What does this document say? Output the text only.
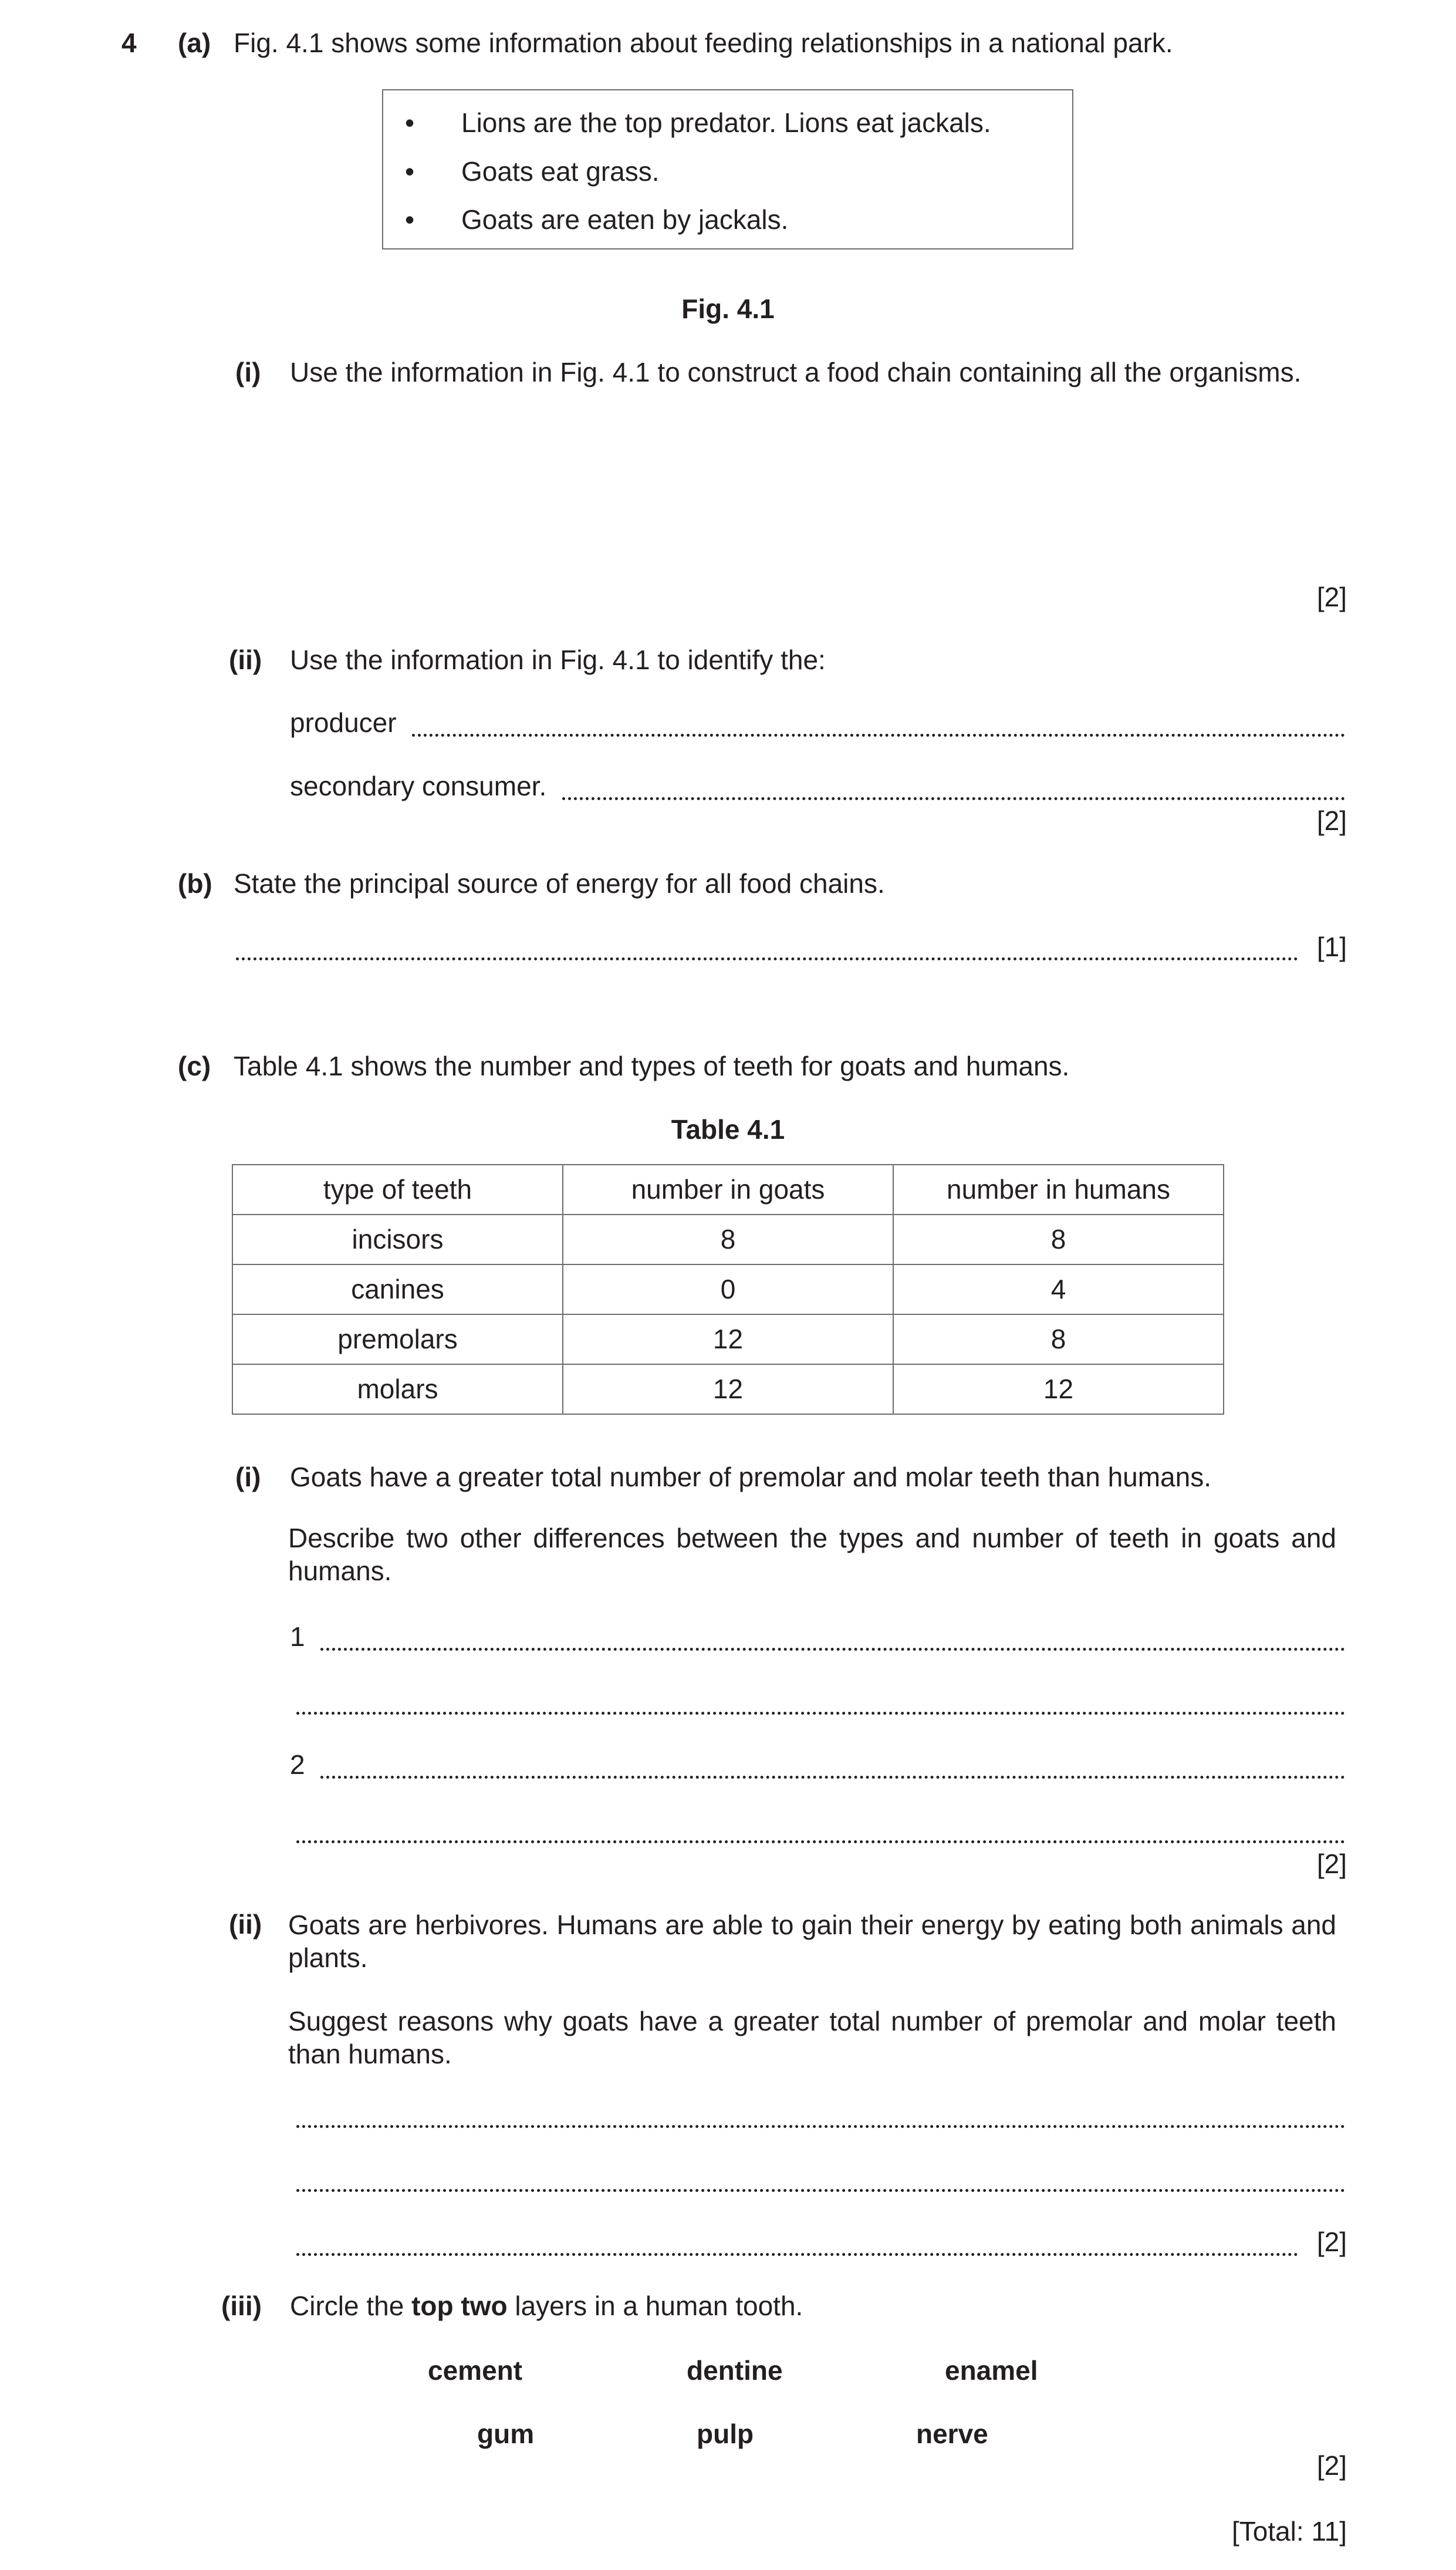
4 (a) Fig. 4.1 shows some information about feeding relationships in a national park.
• Lions are the top predator. Lions eat jackals.
• Goats eat grass.
• Goats are eaten by jackals.
Fig. 4.1
(i) Use the information in Fig. 4.1 to construct a food chain containing all the organisms.
[2]
(ii) Use the information in Fig. 4.1 to identify the:
producer
secondary consumer.
[2]
(b) State the principal source of energy for all food chains.
[1]
(c) Table 4.1 shows the number and types of teeth for goats and humans.
Table 4.1
type of teeth	number in goats	number in humans
incisors	8	8
canines	0	4
premolars	12	8
molars	12	12
(i) Goats have a greater total number of premolar and molar teeth than humans.
Describe two other differences between the types and number of teeth in goats and humans.
1
2
[2]
(ii) Goats are herbivores. Humans are able to gain their energy by eating both animals and plants.
Suggest reasons why goats have a greater total number of premolar and molar teeth than humans.
[2]
(iii) Circle the top two layers in a human tooth.
cement	dentine	enamel
gum	pulp	nerve
[2]
[Total: 11]
